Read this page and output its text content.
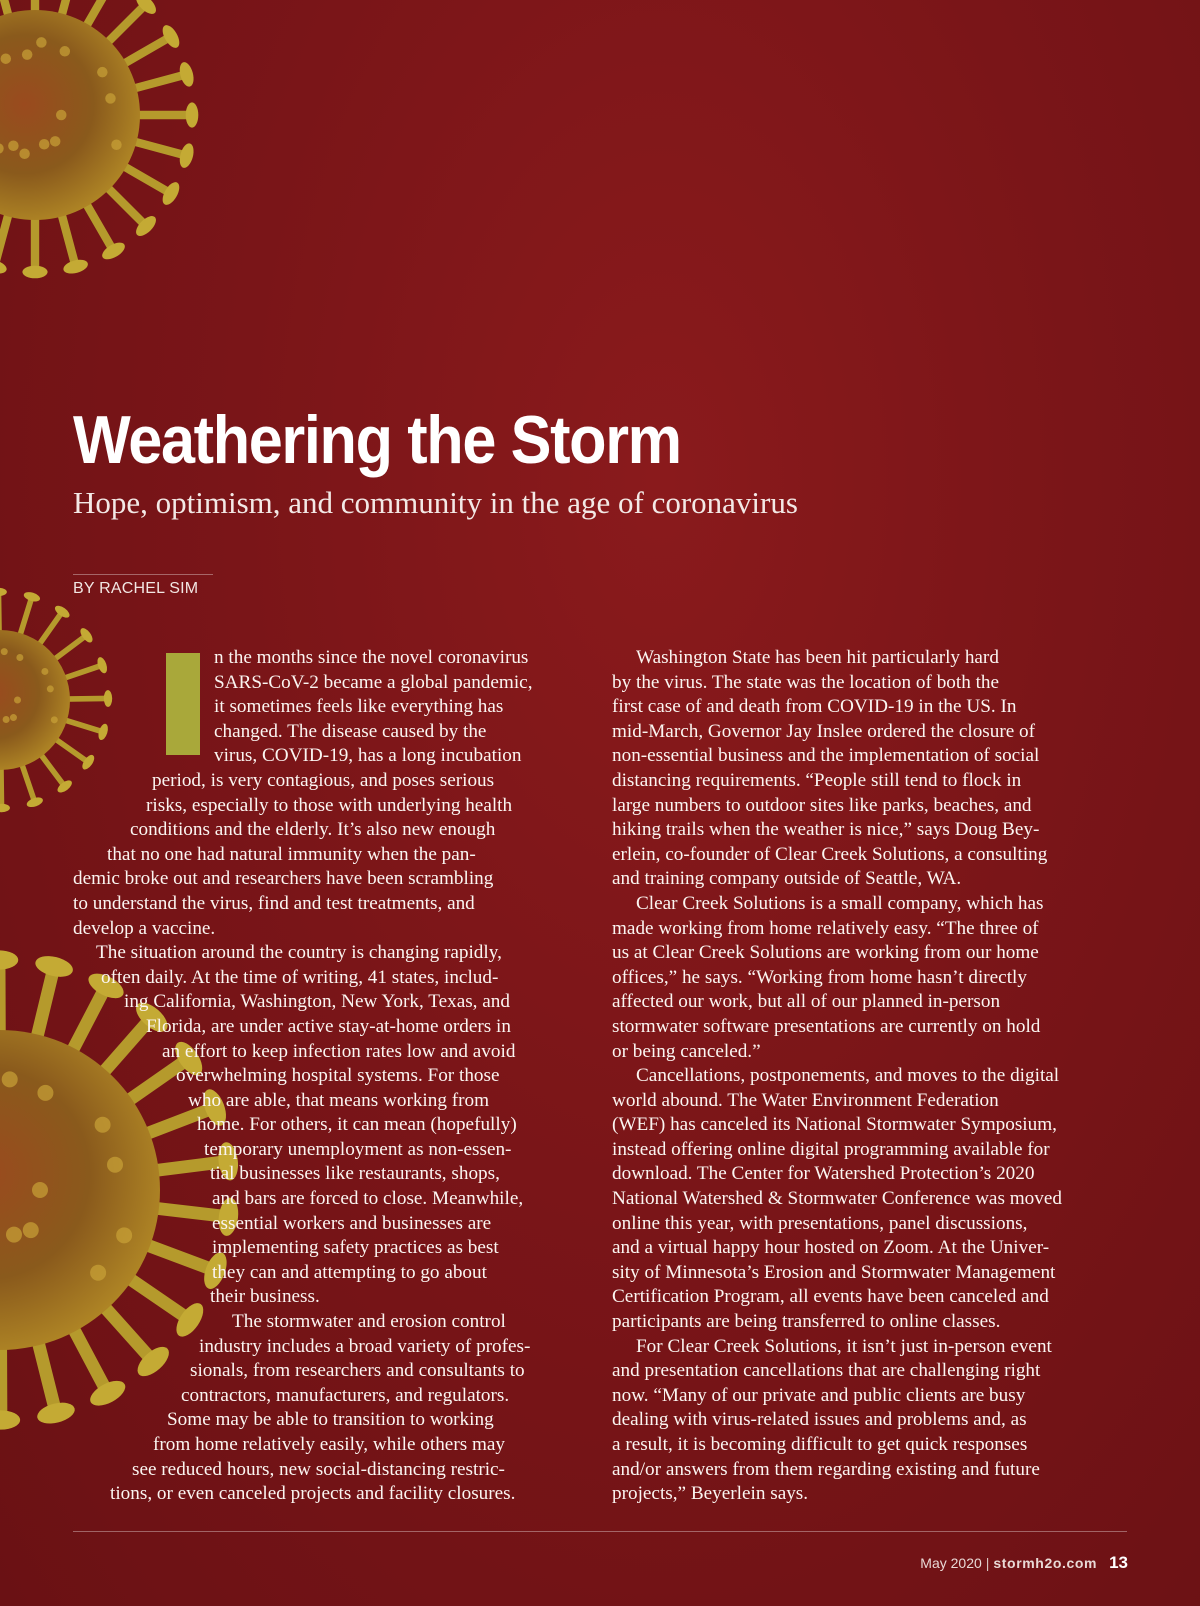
Weathering the Storm
Hope, optimism, and community in the age of coronavirus
BY RACHEL SIM
n the months since the novel coronavirus
SARS-CoV-2 became a global pandemic,
it sometimes feels like everything has
changed. The disease caused by the
virus, COVID-19, has a long incubation
period, is very contagious, and poses serious
risks, especially to those with underlying health
conditions and the elderly. It’s also new enough
that no one had natural immunity when the pan-
demic broke out and researchers have been scrambling
to understand the virus, find and test treatments, and
develop a vaccine.
The situation around the country is changing rapidly,
often daily. At the time of writing, 41 states, includ-
ing California, Washington, New York, Texas, and
Florida, are under active stay-at-home orders in
an effort to keep infection rates low and avoid
overwhelming hospital systems. For those
who are able, that means working from
home. For others, it can mean (hopefully)
temporary unemployment as non-essen-
tial businesses like restaurants, shops,
and bars are forced to close. Meanwhile,
essential workers and businesses are
implementing safety practices as best
they can and attempting to go about
their business.
The stormwater and erosion control
industry includes a broad variety of profes-
sionals, from researchers and consultants to
contractors, manufacturers, and regulators.
Some may be able to transition to working
from home relatively easily, while others may
see reduced hours, new social-distancing restric-
tions, or even canceled projects and facility closures.
Washington State has been hit particularly hard
by the virus. The state was the location of both the
first case of and death from COVID-19 in the US. In
mid-March, Governor Jay Inslee ordered the closure of
non-essential business and the implementation of social
distancing requirements. “People still tend to flock in
large numbers to outdoor sites like parks, beaches, and
hiking trails when the weather is nice,” says Doug Bey-
erlein, co-founder of Clear Creek Solutions, a consulting
and training company outside of Seattle, WA.
Clear Creek Solutions is a small company, which has
made working from home relatively easy. “The three of
us at Clear Creek Solutions are working from our home
offices,” he says. “Working from home hasn’t directly
affected our work, but all of our planned in-person
stormwater software presentations are currently on hold
or being canceled.”
Cancellations, postponements, and moves to the digital
world abound. The Water Environment Federation
(WEF) has canceled its National Stormwater Symposium,
instead offering online digital programming available for
download. The Center for Watershed Protection’s 2020
National Watershed & Stormwater Conference was moved
online this year, with presentations, panel discussions,
and a virtual happy hour hosted on Zoom. At the Univer-
sity of Minnesota’s Erosion and Stormwater Management
Certification Program, all events have been canceled and
participants are being transferred to online classes.
For Clear Creek Solutions, it isn’t just in-person event
and presentation cancellations that are challenging right
now. “Many of our private and public clients are busy
dealing with virus-related issues and problems and, as
a result, it is becoming difficult to get quick responses
and/or answers from them regarding existing and future
projects,” Beyerlein says.
May 2020 | stormh2o.com 13
